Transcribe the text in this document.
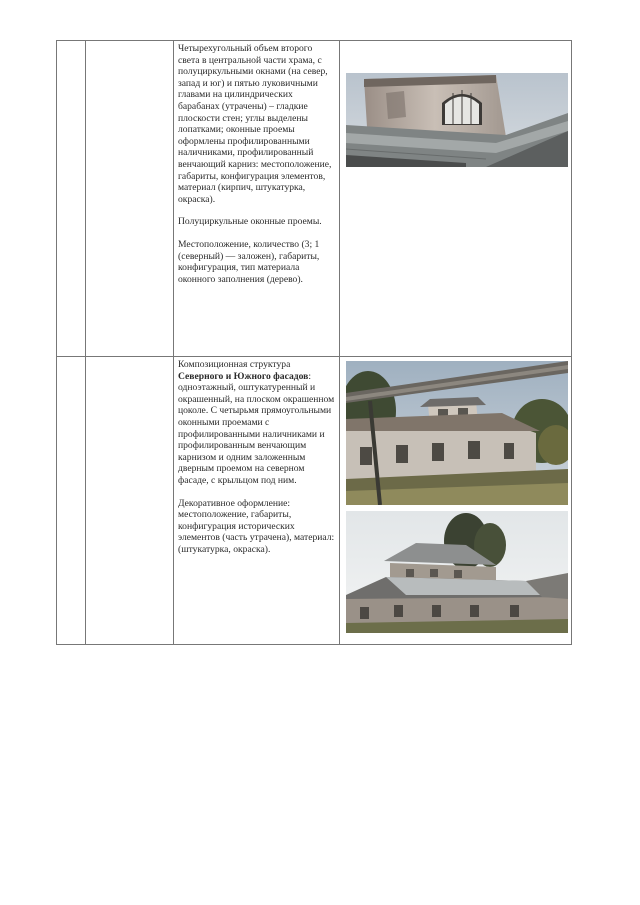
		Четырехугольный объем второго света в центральной части храма, с полуциркульными окнами (на север, запад и юг) и пятью луковичными главами на цилиндрических барабанах (утрачены) – гладкие плоскости стен; углы выделены лопатками; оконные проемы оформлены профилированными наличниками, профилированный венчающий карниз: местоположение, габариты, конфигурация элементов, материал (кирпич, штукатурка, окраска).

Полуциркульные оконные проемы.

Местоположение, количество (3; 1 (северный) — заложен), габариты, конфигурация, тип материала оконного заполнения (дерево).

		Композиционная структура Северного и Южного фасадов: одноэтажный, оштукатуренный и окрашенный, на плоском окрашенном цоколе. С четырьмя прямоугольными оконными проемами с профилированными наличниками и профилированным венчающим карнизом и одним заложенным дверным проемом на северном фасаде, с крыльцом под ним.

Декоративное оформление: местоположение, габариты, конфигурация исторических элементов (часть утрачена), материал: (штукатурка, окраска).
